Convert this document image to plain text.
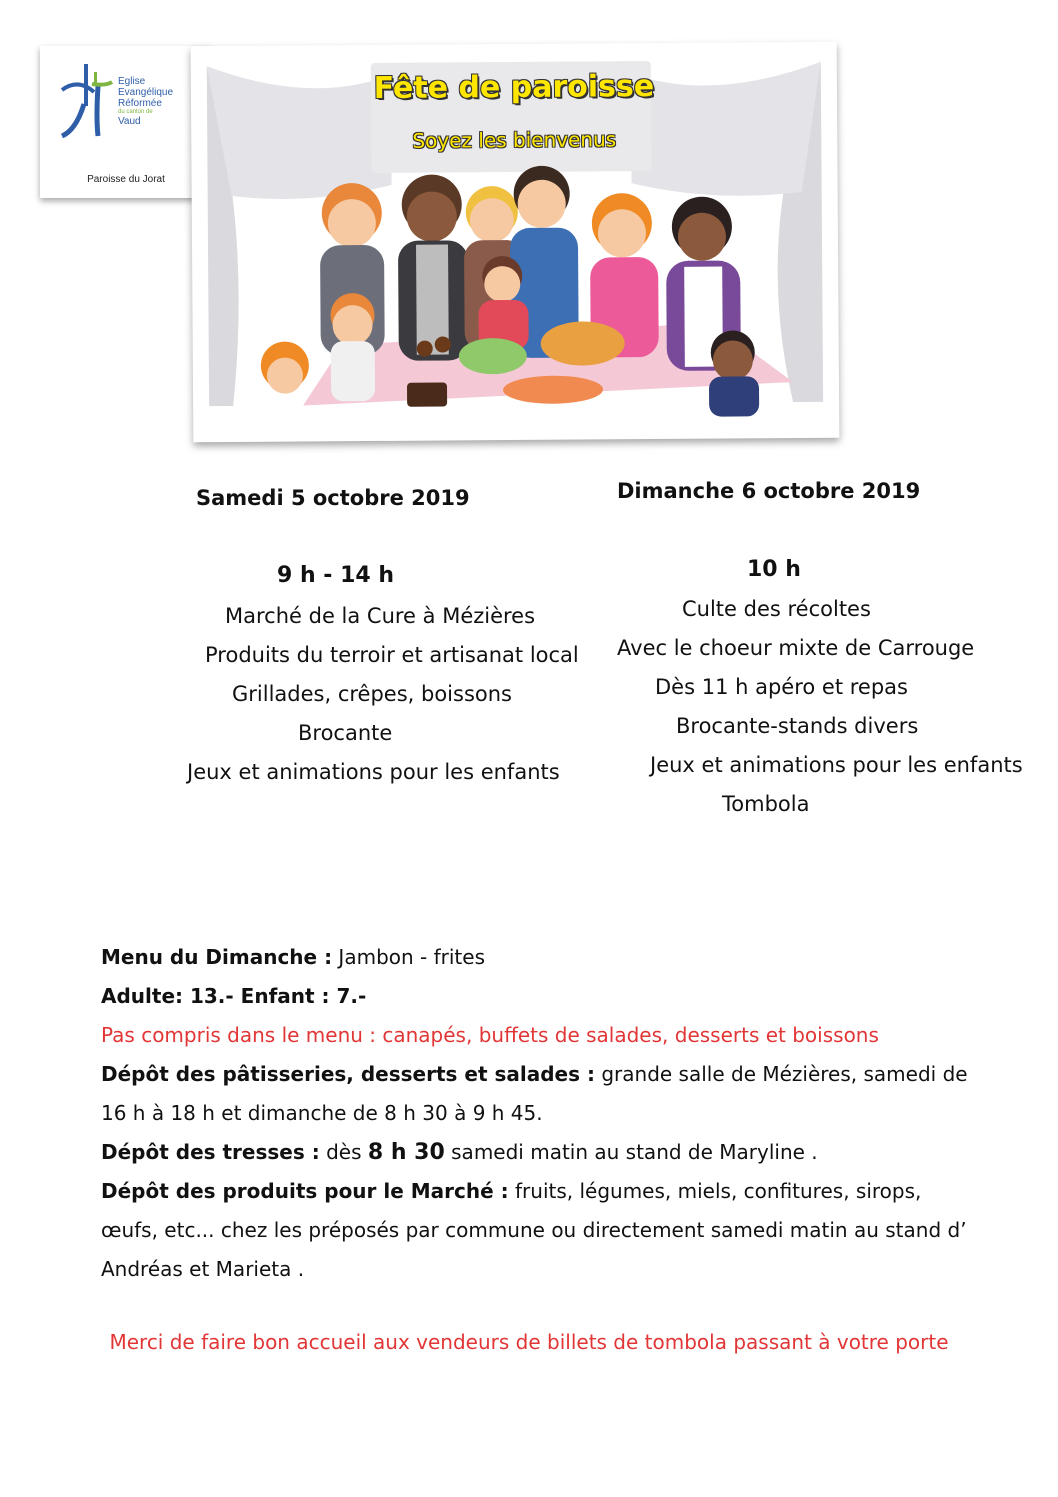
Eglise
Evangélique
Réformée
du canton de
Vaud
Paroisse du Jorat
Fête de paroisse
Soyez les bienvenus
Samedi 5 octobre 2019
9 h - 14 h
Marché de la Cure à Mézières
Produits du terroir et artisanat local
Grillades, crêpes, boissons
Brocante
Jeux et animations pour les enfants
Dimanche 6 octobre 2019
10 h
Culte des récoltes
Avec le choeur mixte de Carrouge
Dès 11 h apéro et repas
Brocante-stands divers
Jeux et animations pour les enfants
Tombola

Menu du Dimanche : Jambon - frites

Adulte: 13.- Enfant : 7.-

Pas compris dans le menu : canapés, buffets de salades, desserts et boissons

Dépôt des pâtisseries, desserts et salades : grande salle de Mézières, samedi de 16 h à 18 h et dimanche de 8 h 30 à 9 h 45.

Dépôt des tresses : dès 8 h 30 samedi matin au stand de Maryline .

Dépôt des produits pour le Marché : fruits, légumes, miels, confitures, sirops, œufs, etc... chez les préposés par commune ou directement samedi matin au stand d’ Andréas et Marieta .

Merci de faire bon accueil aux vendeurs de billets de tombola passant à votre porte
